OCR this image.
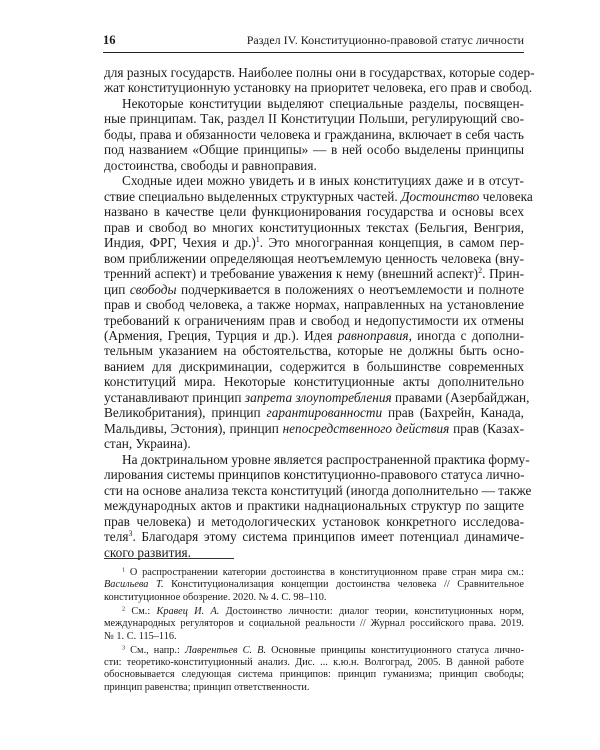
16	Раздел IV. Конституционно-правовой статус личности
для разных государств. Наиболее полны они в государствах, которые содер-
жат конституционную установку на приоритет человека, его прав и свобод.
Некоторые конституции выделяют специальные разделы, посвящен-
ные принципам. Так, раздел II Конституции Польши, регулирующий сво-
боды, права и обязанности человека и гражданина, включает в себя часть
под названием «Общие принципы» — в ней особо выделены принципы
достоинства, свободы и равноправия.
Сходные идеи можно увидеть и в иных конституциях даже и в отсут-
ствие специально выделенных структурных частей. Достоинство человека
названо в качестве цели функционирования государства и основы всех
прав и свобод во многих конституционных текстах (Бельгия, Венгрия,
Индия, ФРГ, Чехия и др.)$^1$. Это многогранная концепция, в самом пер-
вом приближении определяющая неотъемлемую ценность человека (вну-
тренний аспект) и требование уважения к нему (внешний аспект)$^2$. Прин-
цип свободы подчеркивается в положениях о неотъемлемости и полноте
прав и свобод человека, а также нормах, направленных на установление
требований к ограничениям прав и свобод и недопустимости их отмены
(Армения, Греция, Турция и др.). Идея равноправия, иногда с дополни-
тельным указанием на обстоятельства, которые не должны быть осно-
ванием для дискриминации, содержится в большинстве современных
конституций мира. Некоторые конституционные акты дополнительно
устанавливают принцип запрета злоупотребления правами (Азербайджан,
Великобритания), принцип гарантированности прав (Бахрейн, Канада,
Мальдивы, Эстония), принцип непосредственного действия прав (Казах-
стан, Украина).
На доктринальном уровне является распространенной практика форму-
лирования системы принципов конституционно-правового статуса лично-
сти на основе анализа текста конституций (иногда дополнительно — также
международных актов и практики наднациональных структур по защите
прав человека) и методологических установок конкретного исследова-
теля$^3$. Благодаря этому система принципов имеет потенциал динамиче-
ского развития.
$^1$ О распространении категории достоинства в конституционном праве стран мира см.:
Васильева Т. Конституционализация концепции достоинства человека // Сравнительное
конституционное обозрение. 2020. № 4. С. 98–110.
$^2$ См.: Кравец И. А. Достоинство личности: диалог теории, конституционных норм,
международных регуляторов и социальной реальности // Журнал российского права. 2019.
№ 1. С. 115–116.
$^3$ См., напр.: Лаврентьев С. В. Основные принципы конституционного статуса лично-
сти: теоретико-конституционный анализ. Дис. ... к.ю.н. Волгоград, 2005. В данной работе
обосновывается следующая система принципов: принцип гуманизма; принцип свободы;
принцип равенства; принцип ответственности.
